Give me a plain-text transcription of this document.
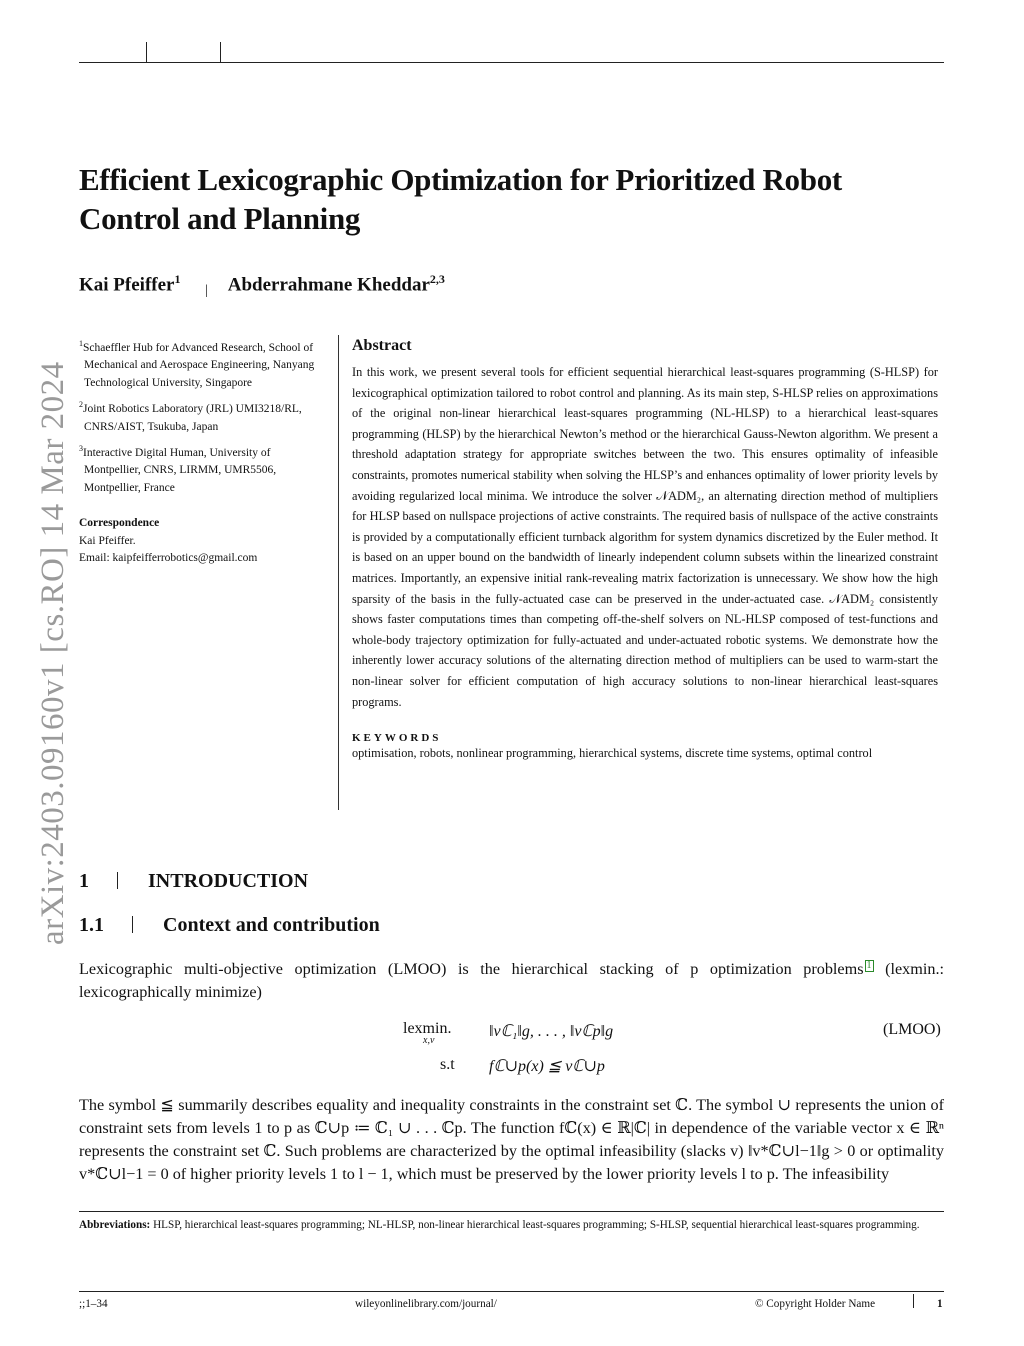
arXiv:2403.09160v1 [cs.RO] 14 Mar 2024
Efficient Lexicographic Optimization for Prioritized Robot Control and Planning
Kai Pfeiffer$^1$ | Abderrahmane Kheddar$^{2,3}$
$^1$Schaeffler Hub for Advanced Research, School of Mechanical and Aerospace Engineering, Nanyang Technological University, Singapore
$^2$Joint Robotics Laboratory (JRL) UMI3218/RL, CNRS/AIST, Tsukuba, Japan
$^3$Interactive Digital Human, University of Montpellier, CNRS, LIRMM, UMR5506, Montpellier, France
Correspondence
Kai Pfeiffer.
Email: kaipfeifferrobotics@gmail.com
Abstract

In this work, we present several tools for efficient sequential hierarchical least-squares programming (S-HLSP) for lexicographical optimization tailored to robot control and planning. As its main step, S-HLSP relies on approximations of the original non-linear hierarchical least-squares programming (NL-HLSP) to a hierarchical least-squares programming (HLSP) by the hierarchical Newton’s method or the hierarchical Gauss-Newton algorithm. We present a threshold adaptation strategy for appropriate switches between the two. This ensures optimality of infeasible constraints, promotes numerical stability when solving the HLSP’s and enhances optimality of lower priority levels by avoiding regularized local minima. We introduce the solver 𝒩ADM₂, an alternating direction method of multipliers for HLSP based on nullspace projections of active constraints. The required basis of nullspace of the active constraints is provided by a computationally efficient turnback algorithm for system dynamics discretized by the Euler method. It is based on an upper bound on the bandwidth of linearly independent column subsets within the linearized constraint matrices. Importantly, an expensive initial rank-revealing matrix factorization is unnecessary. We show how the high sparsity of the basis in the fully-actuated case can be preserved in the under-actuated case. 𝒩ADM₂ consistently shows faster computations times than competing off-the-shelf solvers on NL-HLSP composed of test-functions and whole-body trajectory optimization for fully-actuated and under-actuated robotic systems. We demonstrate how the inherently lower accuracy solutions of the alternating direction method of multipliers can be used to warm-start the non-linear solver for efficient computation of high accuracy solutions to non-linear hierarchical least-squares programs.

KEYWORDS
optimisation, robots, nonlinear programming, hierarchical systems, discrete time systems, optimal control
1	INTRODUCTION
1.1	Context and contribution

Lexicographic multi-objective optimization (LMOO) is the hierarchical stacking of p optimization problems 1 (lexmin.: lexicographically minimize)

lexmin.
x,v
‖vℂ₁‖g, . . . , ‖vℂp‖g
s.t fℂ∪p(x) ≦ vℂ∪p
(LMOO)

The symbol ≦ summarily describes equality and inequality constraints in the constraint set ℂ. The symbol ∪ represents the union of constraint sets from levels 1 to p as ℂ∪p ≔ ℂ₁ ∪ . . . ℂp. The function fℂ(x) ∈ ℝ|ℂ| in dependence of the variable vector x ∈ ℝⁿ represents the constraint set ℂ. Such problems are characterized by the optimal infeasibility (slacks v) ‖v*ℂ∪l−1‖g > 0 or optimality v*ℂ∪l−1 = 0 of higher priority levels 1 to l − 1, which must be preserved by the lower priority levels l to p. The infeasibility

Abbreviations: HLSP, hierarchical least-squares programming; NL-HLSP, non-linear hierarchical least-squares programming; S-HLSP, sequential hierarchical least-squares programming.

;;1–34	wileyonlinelibrary.com/journal/	© Copyright Holder Name	1
